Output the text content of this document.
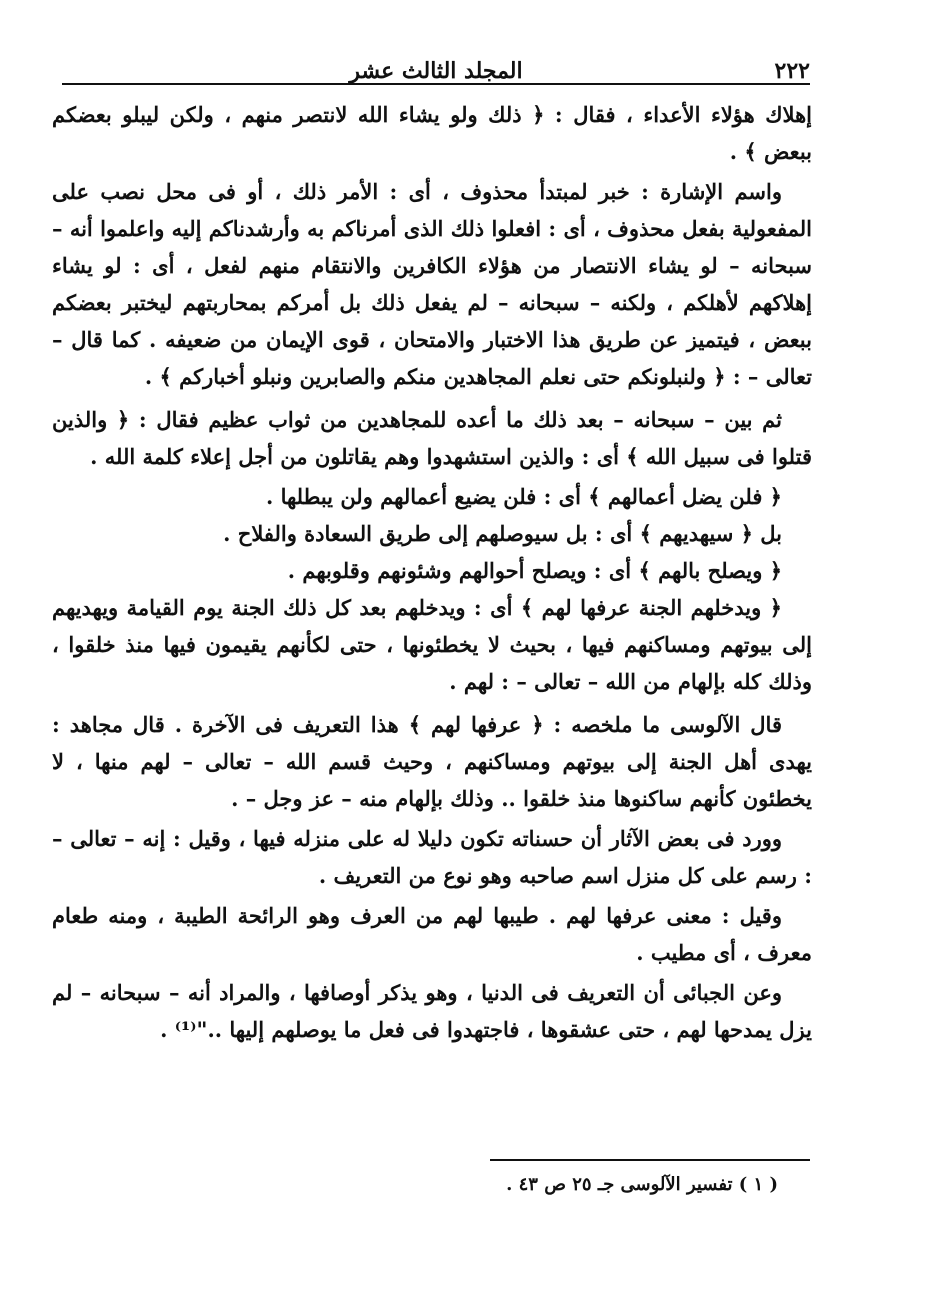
٢٢٢
المجلد الثالث عشر

إهلاك هؤلاء الأعداء ، فقال : ﴿ ذلك ولو يشاء الله لانتصر منهم ، ولكن ليبلو بعضكم ببعض ﴾ .

واسم الإشارة : خبر لمبتدأ محذوف ، أى : الأمر ذلك ، أو فى محل نصب على المفعولية بفعل محذوف ، أى : افعلوا ذلك الذى أمرناكم به وأرشدناكم إليه واعلموا أنه – سبحانه – لو يشاء الانتصار من هؤلاء الكافرين والانتقام منهم لفعل ، أى : لو يشاء إهلاكهم لأهلكم ، ولكنه – سبحانه – لم يفعل ذلك بل أمركم بمحاربتهم ليختبر بعضكم ببعض ، فيتميز عن طريق هذا الاختبار والامتحان ، قوى الإيمان من ضعيفه . كما قال – تعالى – : ﴿ ولنبلونكم حتى نعلم المجاهدين منكم والصابرين ونبلو أخباركم ﴾ .

ثم بين – سبحانه – بعد ذلك ما أعده للمجاهدين من ثواب عظيم فقال : ﴿ والذين قتلوا فى سبيل الله ﴾ أى : والذين استشهدوا وهم يقاتلون من أجل إعلاء كلمة الله .

﴿ فلن يضل أعمالهم ﴾ أى : فلن يضيع أعمالهم ولن يبطلها .

بل ﴿ سيهديهم ﴾ أى : بل سيوصلهم إلى طريق السعادة والفلاح .

﴿ ويصلح بالهم ﴾ أى : ويصلح أحوالهم وشئونهم وقلوبهم .

﴿ ويدخلهم الجنة عرفها لهم ﴾ أى : ويدخلهم بعد كل ذلك الجنة يوم القيامة ويهديهم إلى بيوتهم ومساكنهم فيها ، بحيث لا يخطئونها ، حتى لكأنهم يقيمون فيها منذ خلقوا ، وذلك كله بإلهام من الله – تعالى – : لهم .

قال الآلوسى ما ملخصه : ﴿ عرفها لهم ﴾ هذا التعريف فى الآخرة . قال مجاهد : يهدى أهل الجنة إلى بيوتهم ومساكنهم ، وحيث قسم الله – تعالى – لهم منها ، لا يخطئون كأنهم ساكنوها منذ خلقوا .. وذلك بإلهام منه – عز وجل – .

وورد فى بعض الآثار أن حسناته تكون دليلا له على منزله فيها ، وقيل : إنه – تعالى – : رسم على كل منزل اسم صاحبه وهو نوع من التعريف .

وقيل : معنى عرفها لهم . طيبها لهم من العرف وهو الرائحة الطيبة ، ومنه طعام معرف ، أى مطيب .

وعن الجبائى أن التعريف فى الدنيا ، وهو يذكر أوصافها ، والمراد أنه – سبحانه – لم يزل يمدحها لهم ، حتى عشقوها ، فاجتهدوا فى فعل ما يوصلهم إليها .."⁽¹⁾ .

( ١ ) تفسير الآلوسى جـ ٢٥ ص ٤٣ .
